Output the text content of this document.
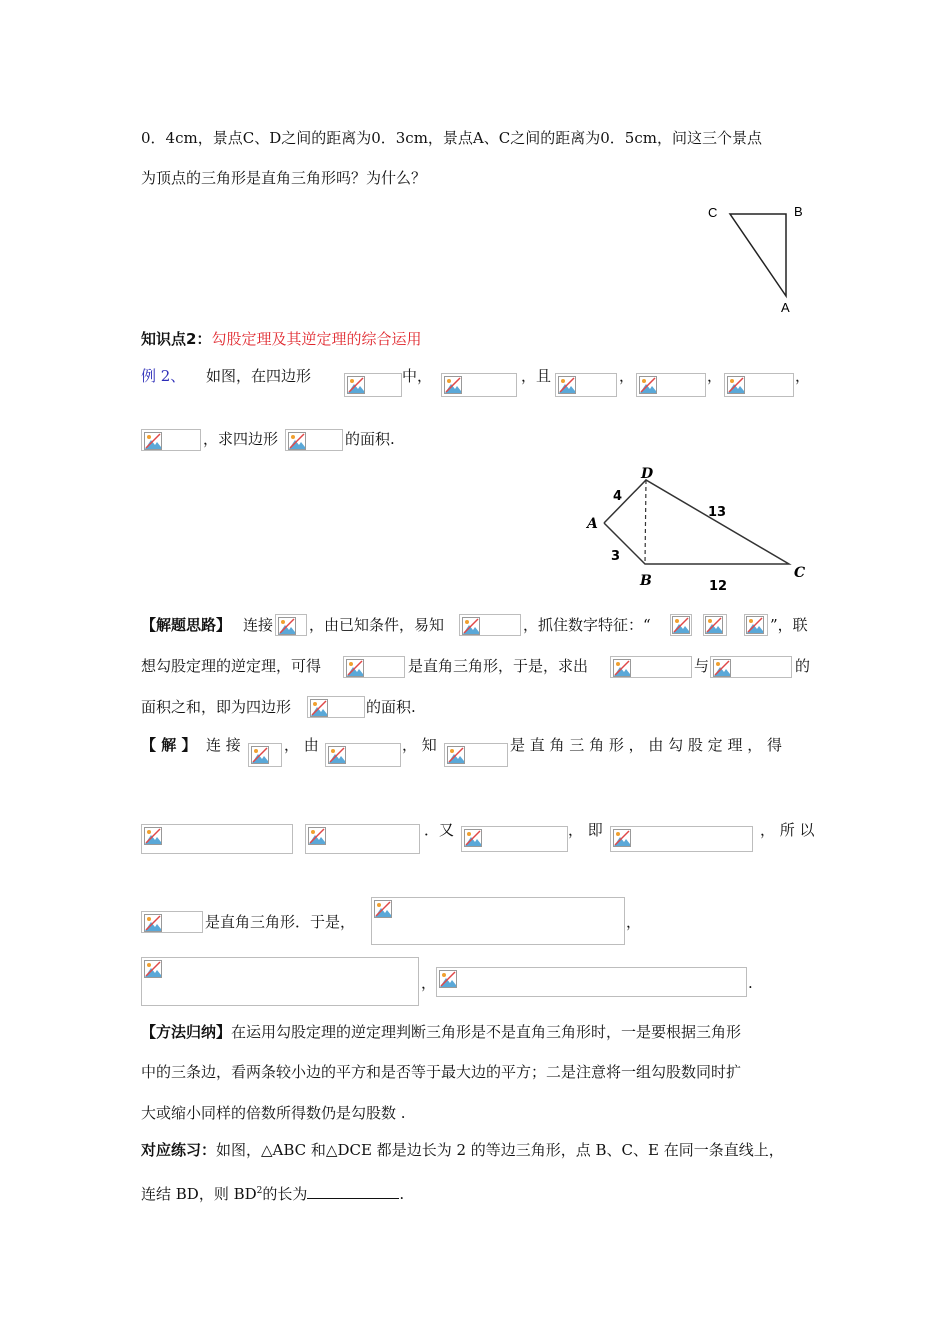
0．4cm，景点C、D之间的距离为0．3cm，景点A、C之间的距离为0．5cm，问这三个景点
为顶点的三角形是直角三角形吗？为什么？
C	B
A
知识点2：勾股定理及其逆定理的综合运用
例 2、 如图，在四边形	中，	，且	，	，	，
，求四边形	的面积.
D
A
B	C
4
3
13
12
【解题思路】 连接 ，由已知条件，易知	，抓住数字特征：“	”，联
想勾股定理的逆定理，可得	是直角三角形，于是，求出	与	的
面积之和，即为四边形	的面积.
【 解 】 连 接	， 由	， 知	是 直 角 三 角 形 ， 由 勾 股 定 理 ， 得
．又	， 即	， 所 以
是直角三角形．于是，	，
，	.
【方法归纳】在运用勾股定理的逆定理判断三角形是不是直角三角形时，一是要根据三角形
中的三条边，看两条较小边的平方和是否等于最大边的平方；二是注意将一组勾股数同时扩
大或缩小同样的倍数所得数仍是勾股数 .
对应练习：如图，△ABC 和△DCE 都是边长为 2 的等边三角形，点 B、C、E 在同一条直线上，
连结 BD，则 $BD^2$的长为	.
